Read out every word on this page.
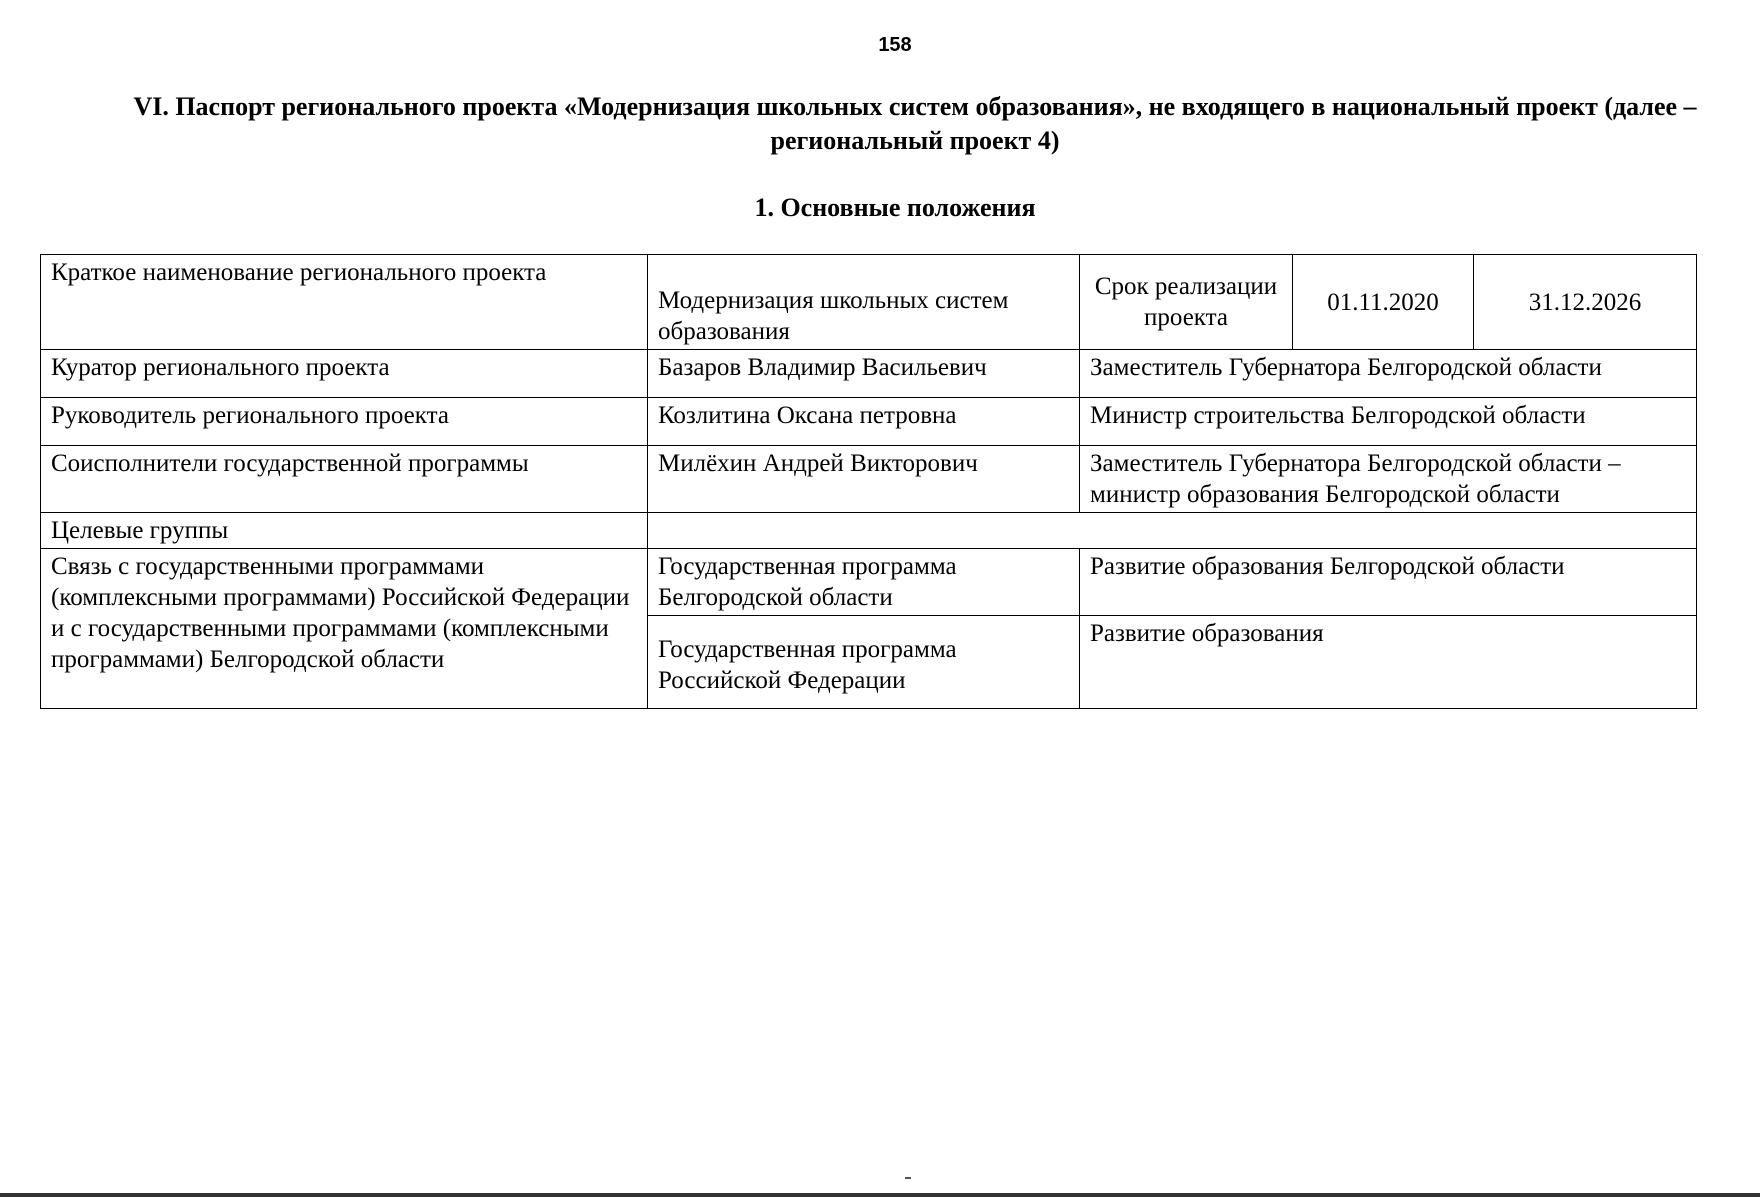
158
VI. Паспорт регионального проекта «Модернизация школьных систем образования», не входящего в национальный проект (далее – региональный проект 4)
1. Основные положения
Краткое наименование регионального проекта	Модернизация школьных систем образования	Срок реализации проекта	01.11.2020	31.12.2026
Куратор регионального проекта	Базаров Владимир Васильевич	Заместитель Губернатора Белгородской области		
Руководитель регионального проекта	Козлитина Оксана петровна	Министр строительства Белгородской области		
Соисполнители государственной программы	Милёхин Андрей Викторович	Заместитель Губернатора Белгородской области – министр образования Белгородской области		
Целевые группы				
Связь с государственными программами (комплексными программами) Российской Федерации и с государственными программами (комплексными программами) Белгородской области	Государственная программа Белгородской области	Развитие образования Белгородской области		
	Государственная программа Российской Федерации	Развитие образования		
